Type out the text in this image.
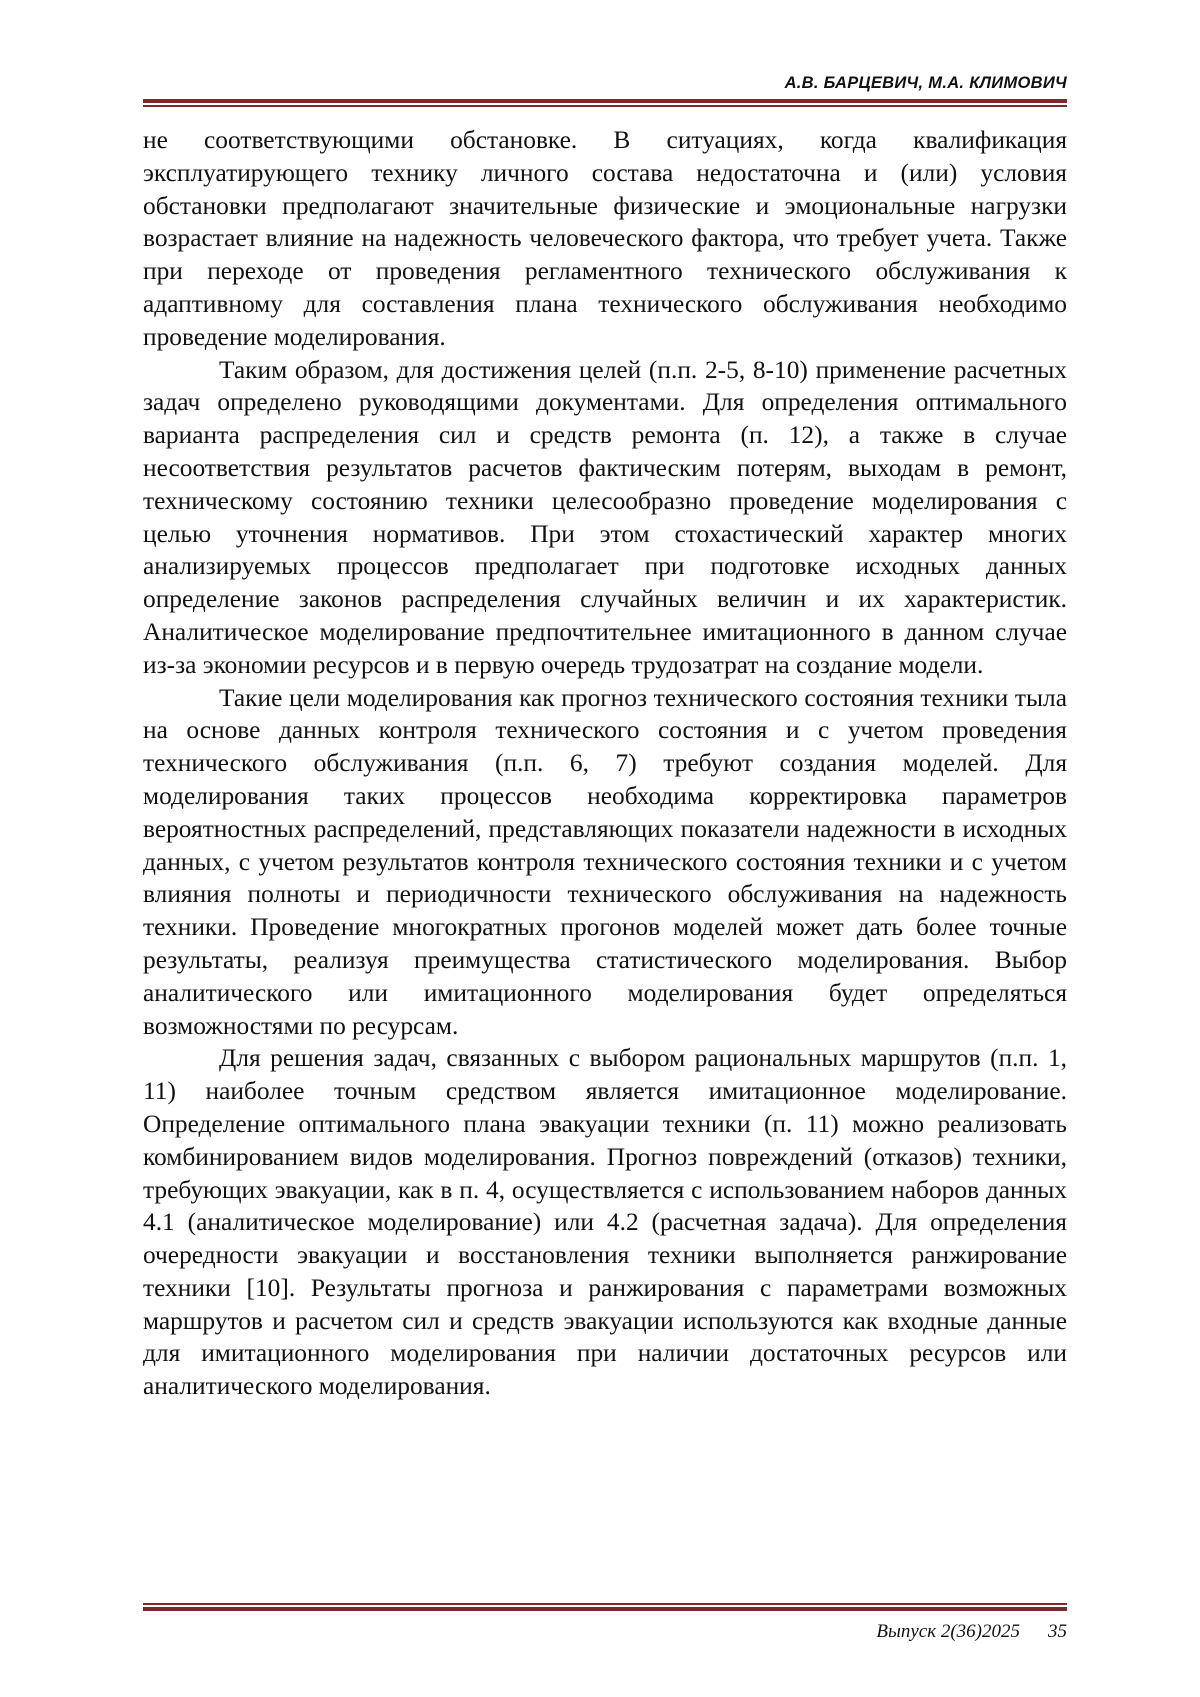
А.В. БАРЦЕВИЧ, М.А. КЛИМОВИЧ

не соответствующими обстановке. В ситуациях, когда квалификация эксплуатирующего технику личного состава недостаточна и (или) условия обстановки предполагают значительные физические и эмоциональные нагрузки возрастает влияние на надежность человеческого фактора, что требует учета. Также при переходе от проведения регламентного технического обслуживания к адаптивному для составления плана технического обслуживания необходимо проведение моделирования.

Таким образом, для достижения целей (п.п. 2-5, 8-10) применение расчетных задач определено руководящими документами. Для определения оптимального варианта распределения сил и средств ремонта (п. 12), а также в случае несоответствия результатов расчетов фактическим потерям, выходам в ремонт, техническому состоянию техники целесообразно проведение моделирования с целью уточнения нормативов. При этом стохастический характер многих анализируемых процессов предполагает при подготовке исходных данных определение законов распределения случайных величин и их характеристик. Аналитическое моделирование предпочтительнее имитационного в данном случае из-за экономии ресурсов и в первую очередь трудозатрат на создание модели.

Такие цели моделирования как прогноз технического состояния техники тыла на основе данных контроля технического состояния и с учетом проведения технического обслуживания (п.п. 6, 7) требуют создания моделей. Для моделирования таких процессов необходима корректировка параметров вероятностных распределений, представляющих показатели надежности в исходных данных, с учетом результатов контроля технического состояния техники и с учетом влияния полноты и периодичности технического обслуживания на надежность техники. Проведение многократных прогонов моделей может дать более точные результаты, реализуя преимущества статистического моделирования. Выбор аналитического или имитационного моделирования будет определяться возможностями по ресурсам.

Для решения задач, связанных с выбором рациональных маршрутов (п.п. 1, 11) наиболее точным средством является имитационное моделирование. Определение оптимального плана эвакуации техники (п. 11) можно реализовать комбинированием видов моделирования. Прогноз повреждений (отказов) техники, требующих эвакуации, как в п. 4, осуществляется с использованием наборов данных 4.1 (аналитическое моделирование) или 4.2 (расчетная задача). Для определения очередности эвакуации и восстановления техники выполняется ранжирование техники [10]. Результаты прогноза и ранжирования с параметрами возможных маршрутов и расчетом сил и средств эвакуации используются как входные данные для имитационного моделирования при наличии достаточных ресурсов или аналитического моделирования.

Выпуск 2(36)2025 35
